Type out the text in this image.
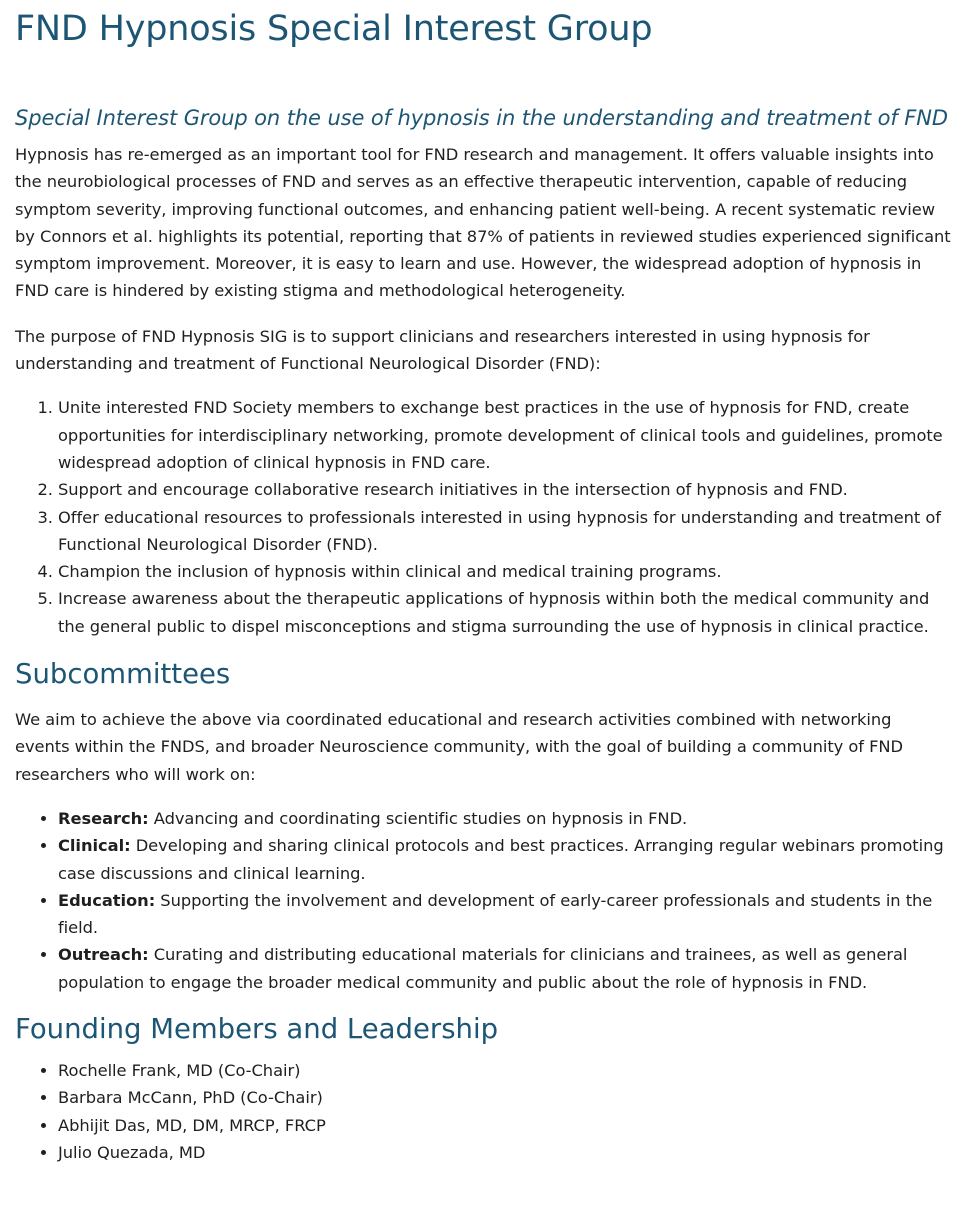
FND Hypnosis Special Interest Group
Special Interest Group on the use of hypnosis in the understanding and treatment of FND

Hypnosis has re-emerged as an important tool for FND research and management. It offers valuable insights into the neurobiological processes of FND and serves as an effective therapeutic intervention, capable of reducing symptom severity, improving functional outcomes, and enhancing patient well-being. A recent systematic review by Connors et al. highlights its potential, reporting that 87% of patients in reviewed studies experienced significant symptom improvement. Moreover, it is easy to learn and use. However, the widespread adoption of hypnosis in FND care is hindered by existing stigma and methodological heterogeneity.

The purpose of FND Hypnosis SIG is to support clinicians and researchers interested in using hypnosis for understanding and treatment of Functional Neurological Disorder (FND):

1. Unite interested FND Society members to exchange best practices in the use of hypnosis for FND, create opportunities for interdisciplinary networking, promote development of clinical tools and guidelines, promote widespread adoption of clinical hypnosis in FND care.
2. Support and encourage collaborative research initiatives in the intersection of hypnosis and FND.
3. Offer educational resources to professionals interested in using hypnosis for understanding and treatment of Functional Neurological Disorder (FND).
4. Champion the inclusion of hypnosis within clinical and medical training programs.
5. Increase awareness about the therapeutic applications of hypnosis within both the medical community and the general public to dispel misconceptions and stigma surrounding the use of hypnosis in clinical practice.
Subcommittees

We aim to achieve the above via coordinated educational and research activities combined with networking events within the FNDS, and broader Neuroscience community, with the goal of building a community of FND researchers who will work on:

• Research: Advancing and coordinating scientific studies on hypnosis in FND.
• Clinical: Developing and sharing clinical protocols and best practices. Arranging regular webinars promoting case discussions and clinical learning.
• Education: Supporting the involvement and development of early-career professionals and students in the field.
• Outreach: Curating and distributing educational materials for clinicians and trainees, as well as general population to engage the broader medical community and public about the role of hypnosis in FND.
Founding Members and Leadership
• Rochelle Frank, MD (Co-Chair)
• Barbara McCann, PhD (Co-Chair)
• Abhijit Das, MD, DM, MRCP, FRCP
• Julio Quezada, MD
